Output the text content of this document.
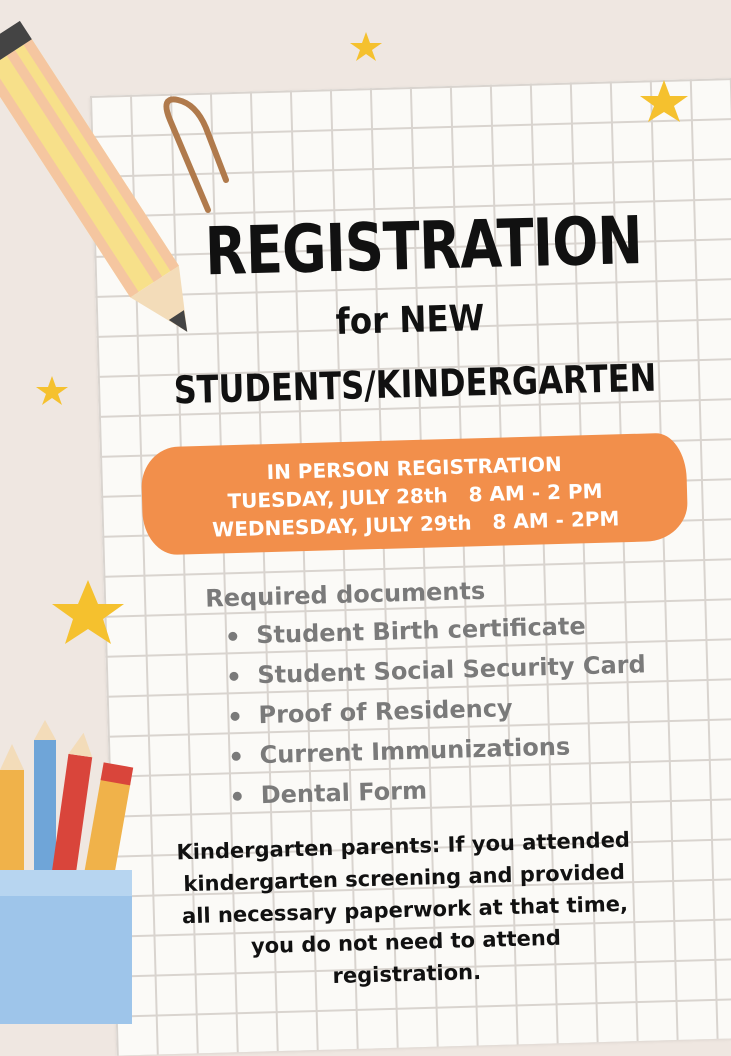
REGISTRATION
for NEW
STUDENTS/KINDERGARTEN
IN PERSON REGISTRATION
TUESDAY, JULY 28th   8 AM - 2 PM
WEDNESDAY, JULY 29th   8 AM - 2PM
Required documents
Student Birth certificate
Student Social Security Card
Proof of Residency
Current Immunizations
Dental Form
Kindergarten parents: If you attended
kindergarten screening and provided
all necessary paperwork at that time,
you do not need to attend
registration.
